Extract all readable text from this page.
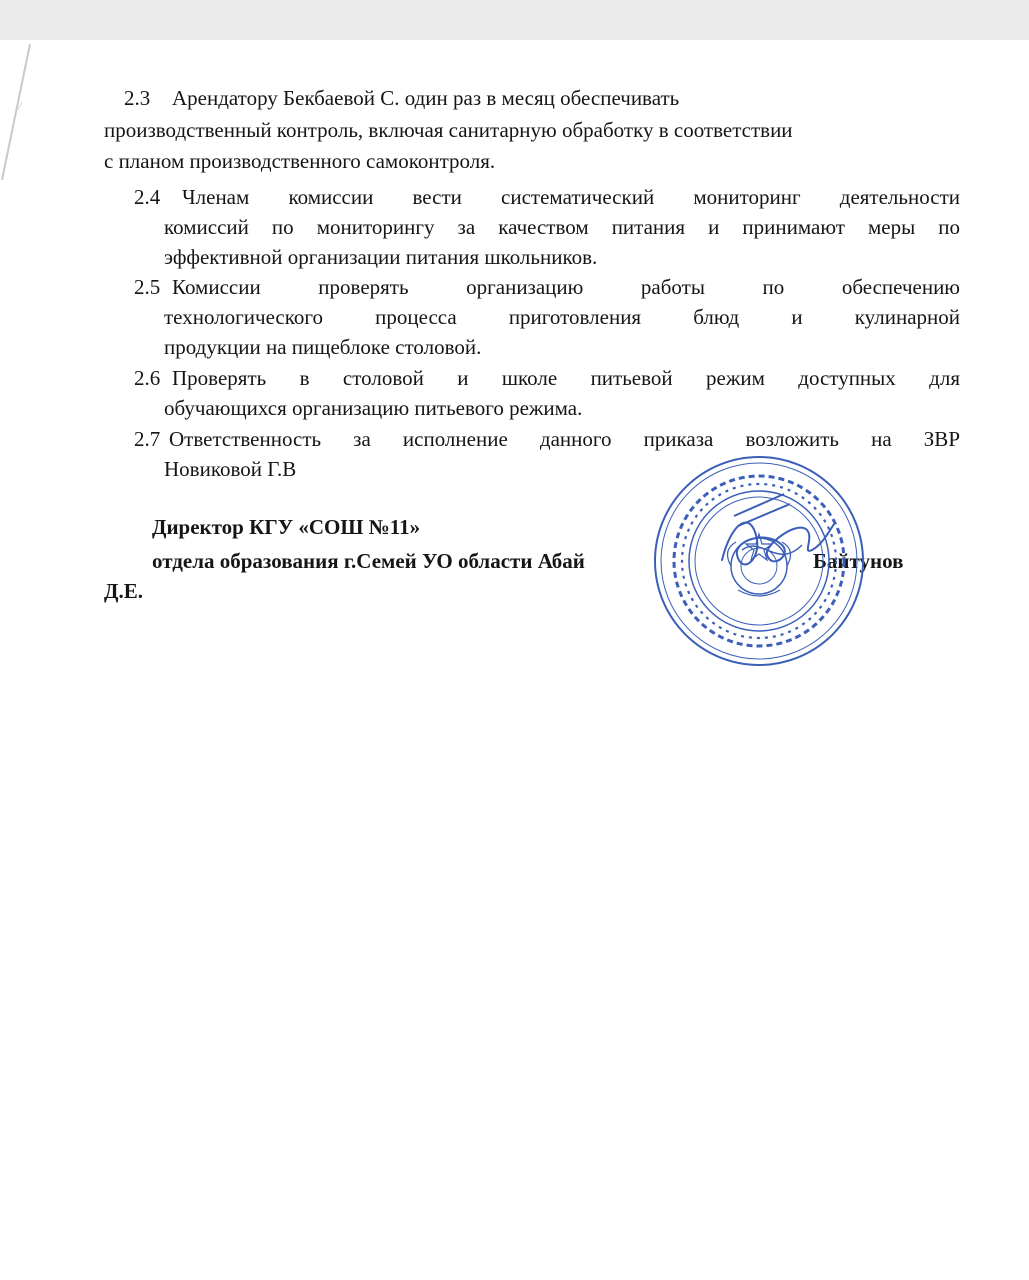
2.3 Арендатору Бекбаевой С. один раз в месяц обеспечивать
производственный контроль, включая санитарную обработку в соответствии
с планом производственного самоконтроля.
2.4 Членам комиссии вести систематический мониторинг деятельности
комиссий по мониторингу за качеством питания и принимают меры по
эффективной организации питания школьников.
2.5 Комиссии проверять организацию работы по обеспечению
технологического процесса приготовления блюд и кулинарной
продукции на пищеблоке столовой.
2.6 Проверять в столовой и школе питьевой режим доступных для
обучающихся организацию питьевого режима.
2.7 Ответственность за исполнение данного приказа возложить на ЗВР
Новиковой Г.В
Директор КГУ «СОШ №11»
отдела образования г.Семей УО области Абай	Байтунов
Д.Е.
